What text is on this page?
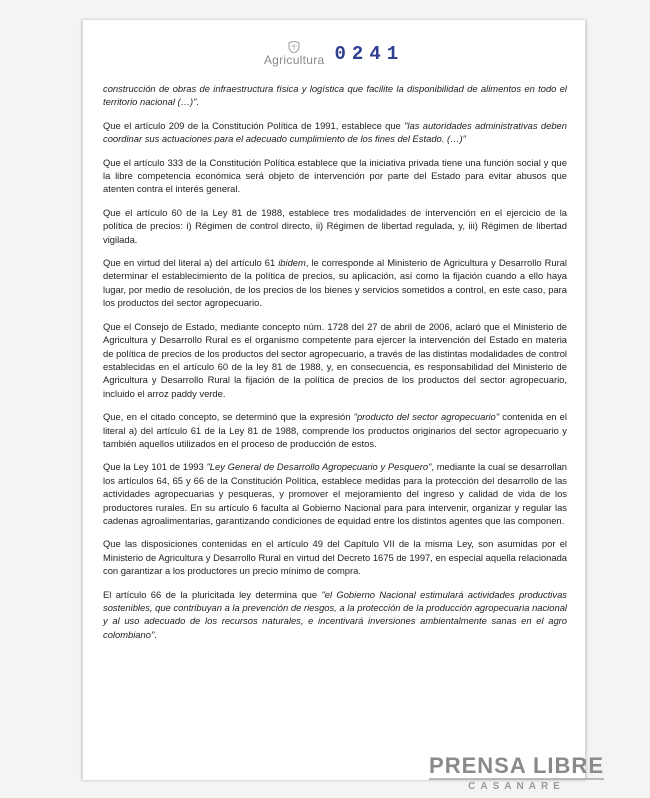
Agricultura 0241

construcción de obras de infraestructura física y logística que facilite la disponibilidad de alimentos en todo el territorio nacional (…)".

Que el artículo 209 de la Constitución Política de 1991, establece que "las autoridades administrativas deben coordinar sus actuaciones para el adecuado cumplimiento de los fines del Estado. (…)"

Que el artículo 333 de la Constitución Política establece que la iniciativa privada tiene una función social y que la libre competencia económica será objeto de intervención por parte del Estado para evitar abusos que atenten contra el interés general.

Que el artículo 60 de la Ley 81 de 1988, establece tres modalidades de intervención en el ejercicio de la política de precios: i) Régimen de control directo, ii) Régimen de libertad regulada, y, iii) Régimen de libertad vigilada.

Que en virtud del literal a) del artículo 61 ibidem, le corresponde al Ministerio de Agricultura y Desarrollo Rural determinar el establecimiento de la política de precios, su aplicación, así como la fijación cuando a ello haya lugar, por medio de resolución, de los precios de los bienes y servicios sometidos a control, en este caso, para los productos del sector agropecuario.

Que el Consejo de Estado, mediante concepto núm. 1728 del 27 de abril de 2006, aclaró que el Ministerio de Agricultura y Desarrollo Rural es el organismo competente para ejercer la intervención del Estado en materia de política de precios de los productos del sector agropecuario, a través de las distintas modalidades de control establecidas en el artículo 60 de la ley 81 de 1988, y, en consecuencia, es responsabilidad del Ministerio de Agricultura y Desarrollo Rural la fijación de la política de precios de los productos del sector agropecuario, incluido el arroz paddy verde.

Que, en el citado concepto, se determinó que la expresión "producto del sector agropecuario" contenida en el literal a) del artículo 61 de la Ley 81 de 1988, comprende los productos originarios del sector agropecuario y también aquellos utilizados en el proceso de producción de estos.

Que la Ley 101 de 1993 "Ley General de Desarrollo Agropecuario y Pesquero", mediante la cual se desarrollan los artículos 64, 65 y 66 de la Constitución Política, establece medidas para la protección del desarrollo de las actividades agropecuarias y pesqueras, y promover el mejoramiento del ingreso y calidad de vida de los productores rurales. En su artículo 6 faculta al Gobierno Nacional para para intervenir, organizar y regular las cadenas agroalimentarias, garantizando condiciones de equidad entre los distintos agentes que las componen.

Que las disposiciones contenidas en el artículo 49 del Capítulo VII de la misma Ley, son asumidas por el Ministerio de Agricultura y Desarrollo Rural en virtud del Decreto 1675 de 1997, en especial aquella relacionada con garantizar a los productores un precio mínimo de compra.

El artículo 66 de la pluricitada ley determina que "el Gobierno Nacional estimulará actividades productivas sostenibles, que contribuyan a la prevención de riesgos, a la protección de la producción agropecuaria nacional y al uso adecuado de los recursos naturales, e incentivará inversiones ambientalmente sanas en el agro colombiano".

PRENSA LIBRE
CASANARE
